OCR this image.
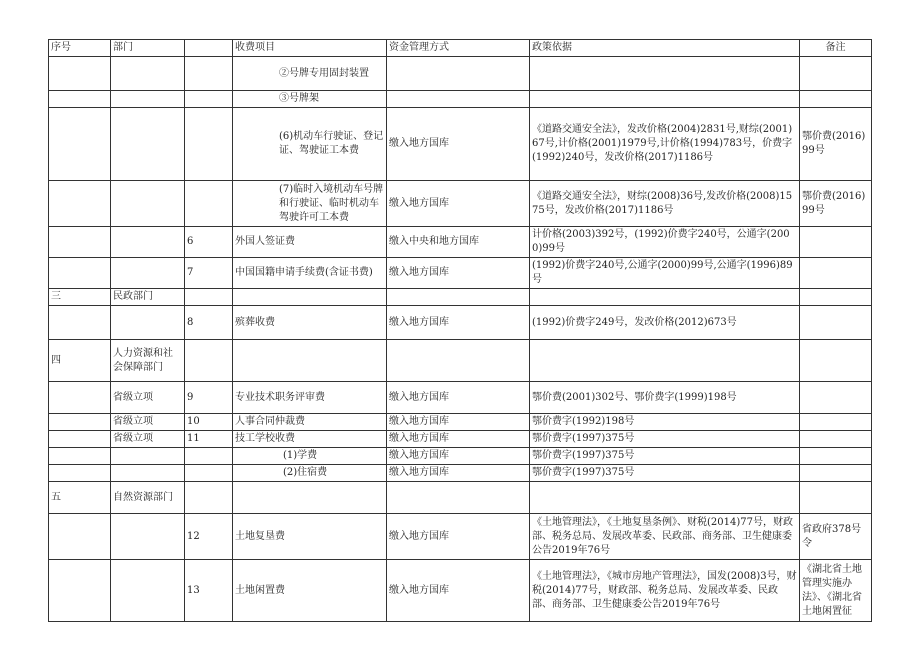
序号	部门		收费项目	资金管理方式	政策依据	备注
			②号牌专用固封装置			
			③号牌架			
			(6)机动车行驶证、登记证、驾驶证工本费	缴入地方国库	《道路交通安全法》，发改价格(2004)2831号,财综(2001)67号,计价格(2001)1979号,计价格(1994)783号，价费字(1992)240号，发改价格(2017)1186号	鄂价费(2016)99号
			(7)临时入境机动车号牌和行驶证、临时机动车驾驶许可工本费	缴入地方国库	《道路交通安全法》，财综(2008)36号,发改价格(2008)1575号，发改价格(2017)1186号	鄂价费(2016)99号
		6	外国人签证费	缴入中央和地方国库	计价格(2003)392号，(1992)价费字240号，公通字(2000)99号	
		7	中国国籍申请手续费(含证书费)	缴入地方国库	(1992)价费字240号,公通字(2000)99号,公通字(1996)89号	
三	民政部门					
		8	殡葬收费	缴入地方国库	(1992)价费字249号，发改价格(2012)673号	
四	人力资源和社会保障部门					
	省级立项	9	专业技术职务评审费	缴入地方国库	鄂价费(2001)302号、鄂价费字(1999)198号	
	省级立项	10	人事合同仲裁费	缴入地方国库	鄂价费字(1992)198号	
	省级立项	11	技工学校收费	缴入地方国库	鄂价费字(1997)375号	
			(1)学费	缴入地方国库	鄂价费字(1997)375号	
			(2)住宿费	缴入地方国库	鄂价费字(1997)375号	
五	自然资源部门					
		12	土地复垦费	缴入地方国库	《土地管理法》，《土地复垦条例》、财税(2014)77号，财政部、税务总局、发展改革委、民政部、商务部、卫生健康委公告2019年76号	省政府378号令
		13	土地闲置费	缴入地方国库	《土地管理法》，《城市房地产管理法》，国发(2008)3号，财税(2014)77号，财政部、税务总局、发展改革委、民政部、商务部、卫生健康委公告2019年76号	《湖北省土地管理实施办法》、《湖北省土地闲置征
